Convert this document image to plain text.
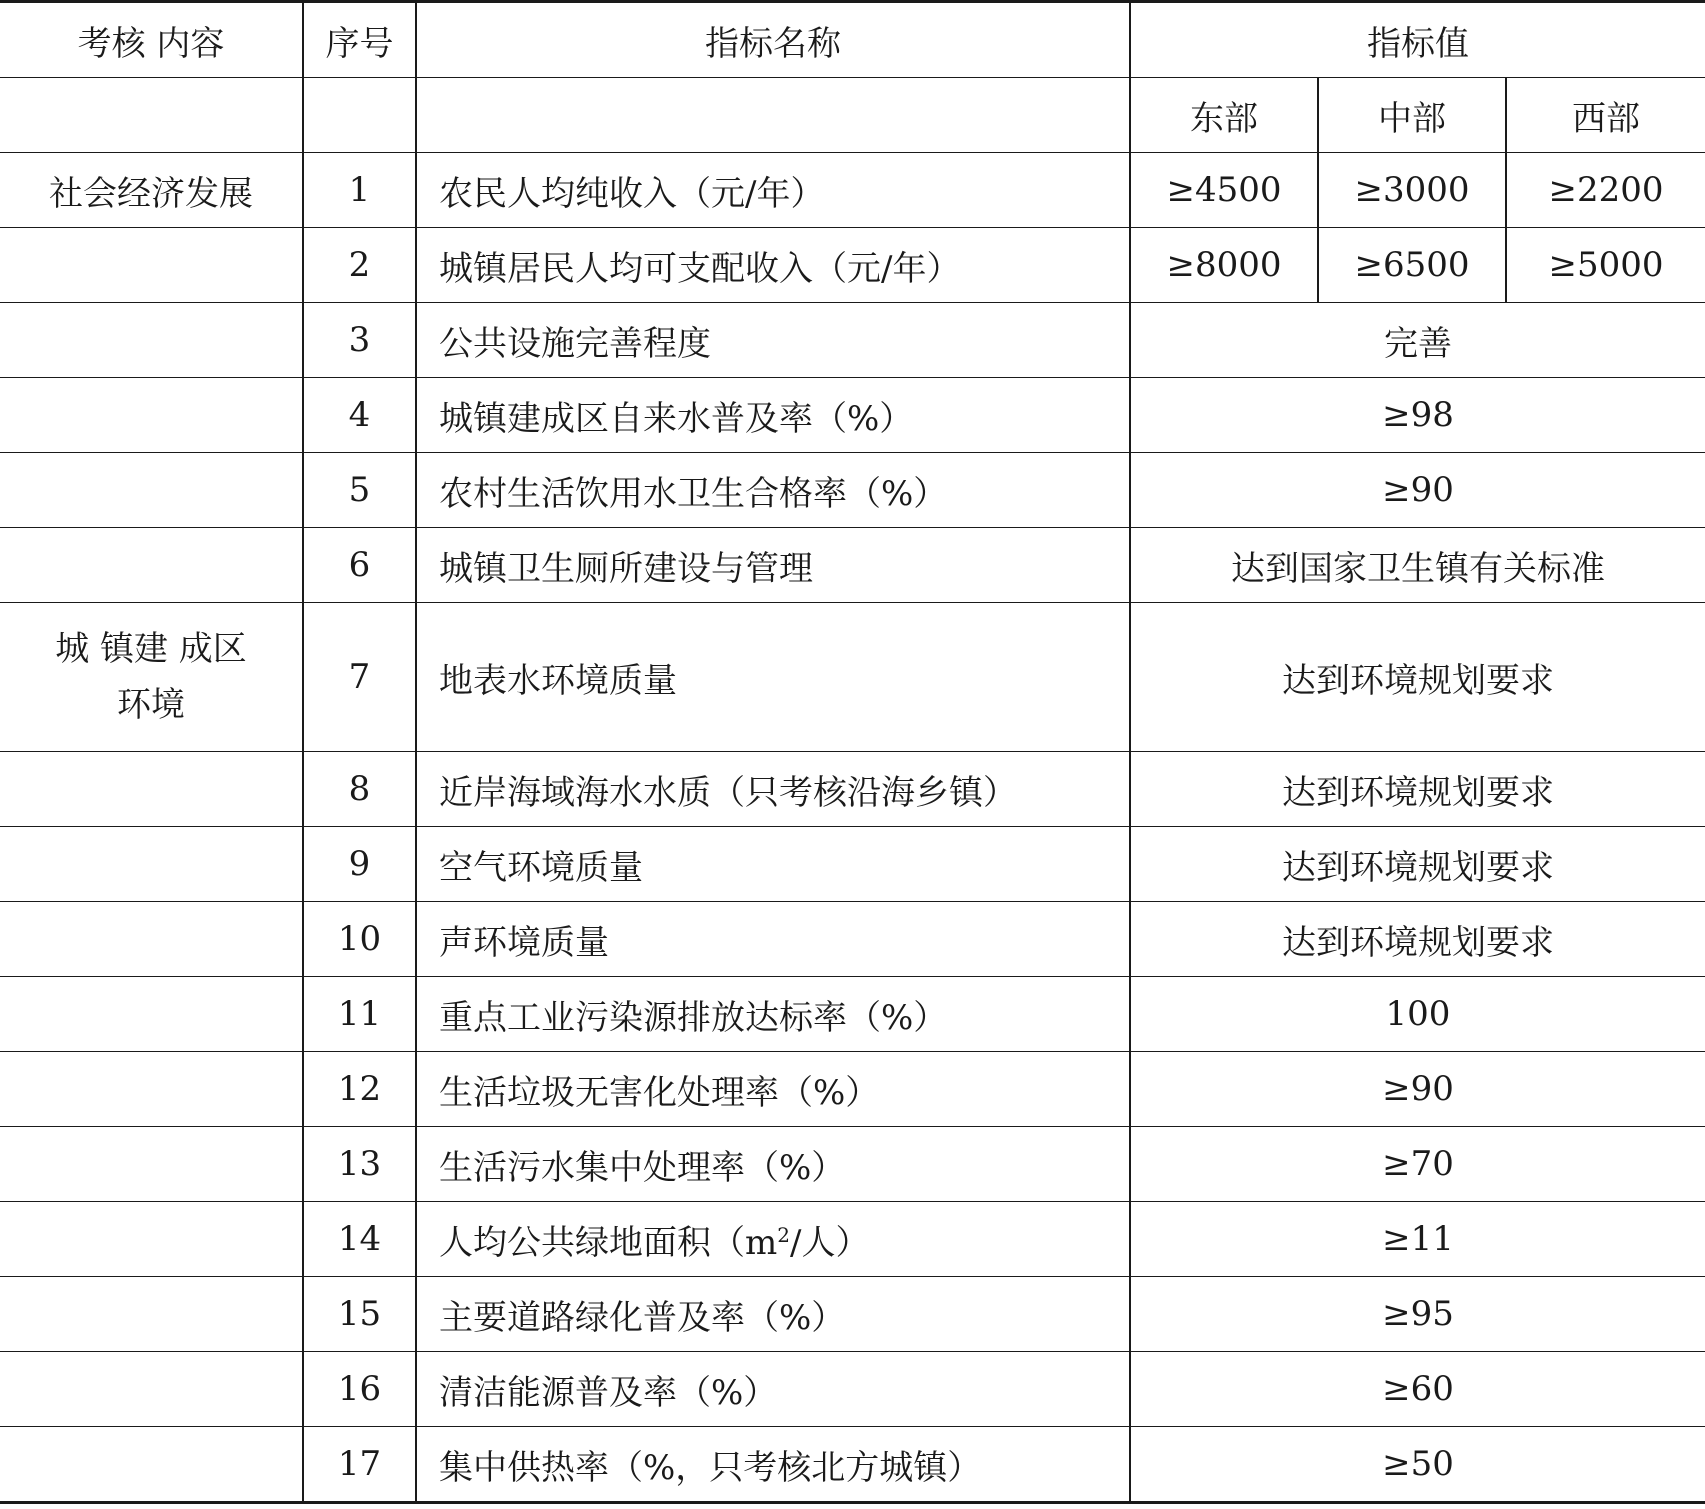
考核 内容	序号	指标名称	指标值		
			东部	中部	西部
社会经济发展	1	农民人均纯收入（元/年）	≥4500	≥3000	≥2200
	2	城镇居民人均可支配收入（元/年）	≥8000	≥6500	≥5000
	3	公共设施完善程度	完善		
	4	城镇建成区自来水普及率（%）	≥98		
	5	农村生活饮用水卫生合格率（%）	≥90		
	6	城镇卫生厕所建设与管理	达到国家卫生镇有关标准		
城 镇建 成区
环境	7	地表水环境质量	达到环境规划要求		
	8	近岸海域海水水质（只考核沿海乡镇）	达到环境规划要求		
	9	空气环境质量	达到环境规划要求		
	10	声环境质量	达到环境规划要求		
	11	重点工业污染源排放达标率（%）	100		
	12	生活垃圾无害化处理率（%）	≥90		
	13	生活污水集中处理率（%）	≥70		
	14	人均公共绿地面积（$m^2/$人）	≥11		
	15	主要道路绿化普及率（%）	≥95		
	16	清洁能源普及率（%）	≥60		
	17	集中供热率（%，只考核北方城镇）	≥50		
